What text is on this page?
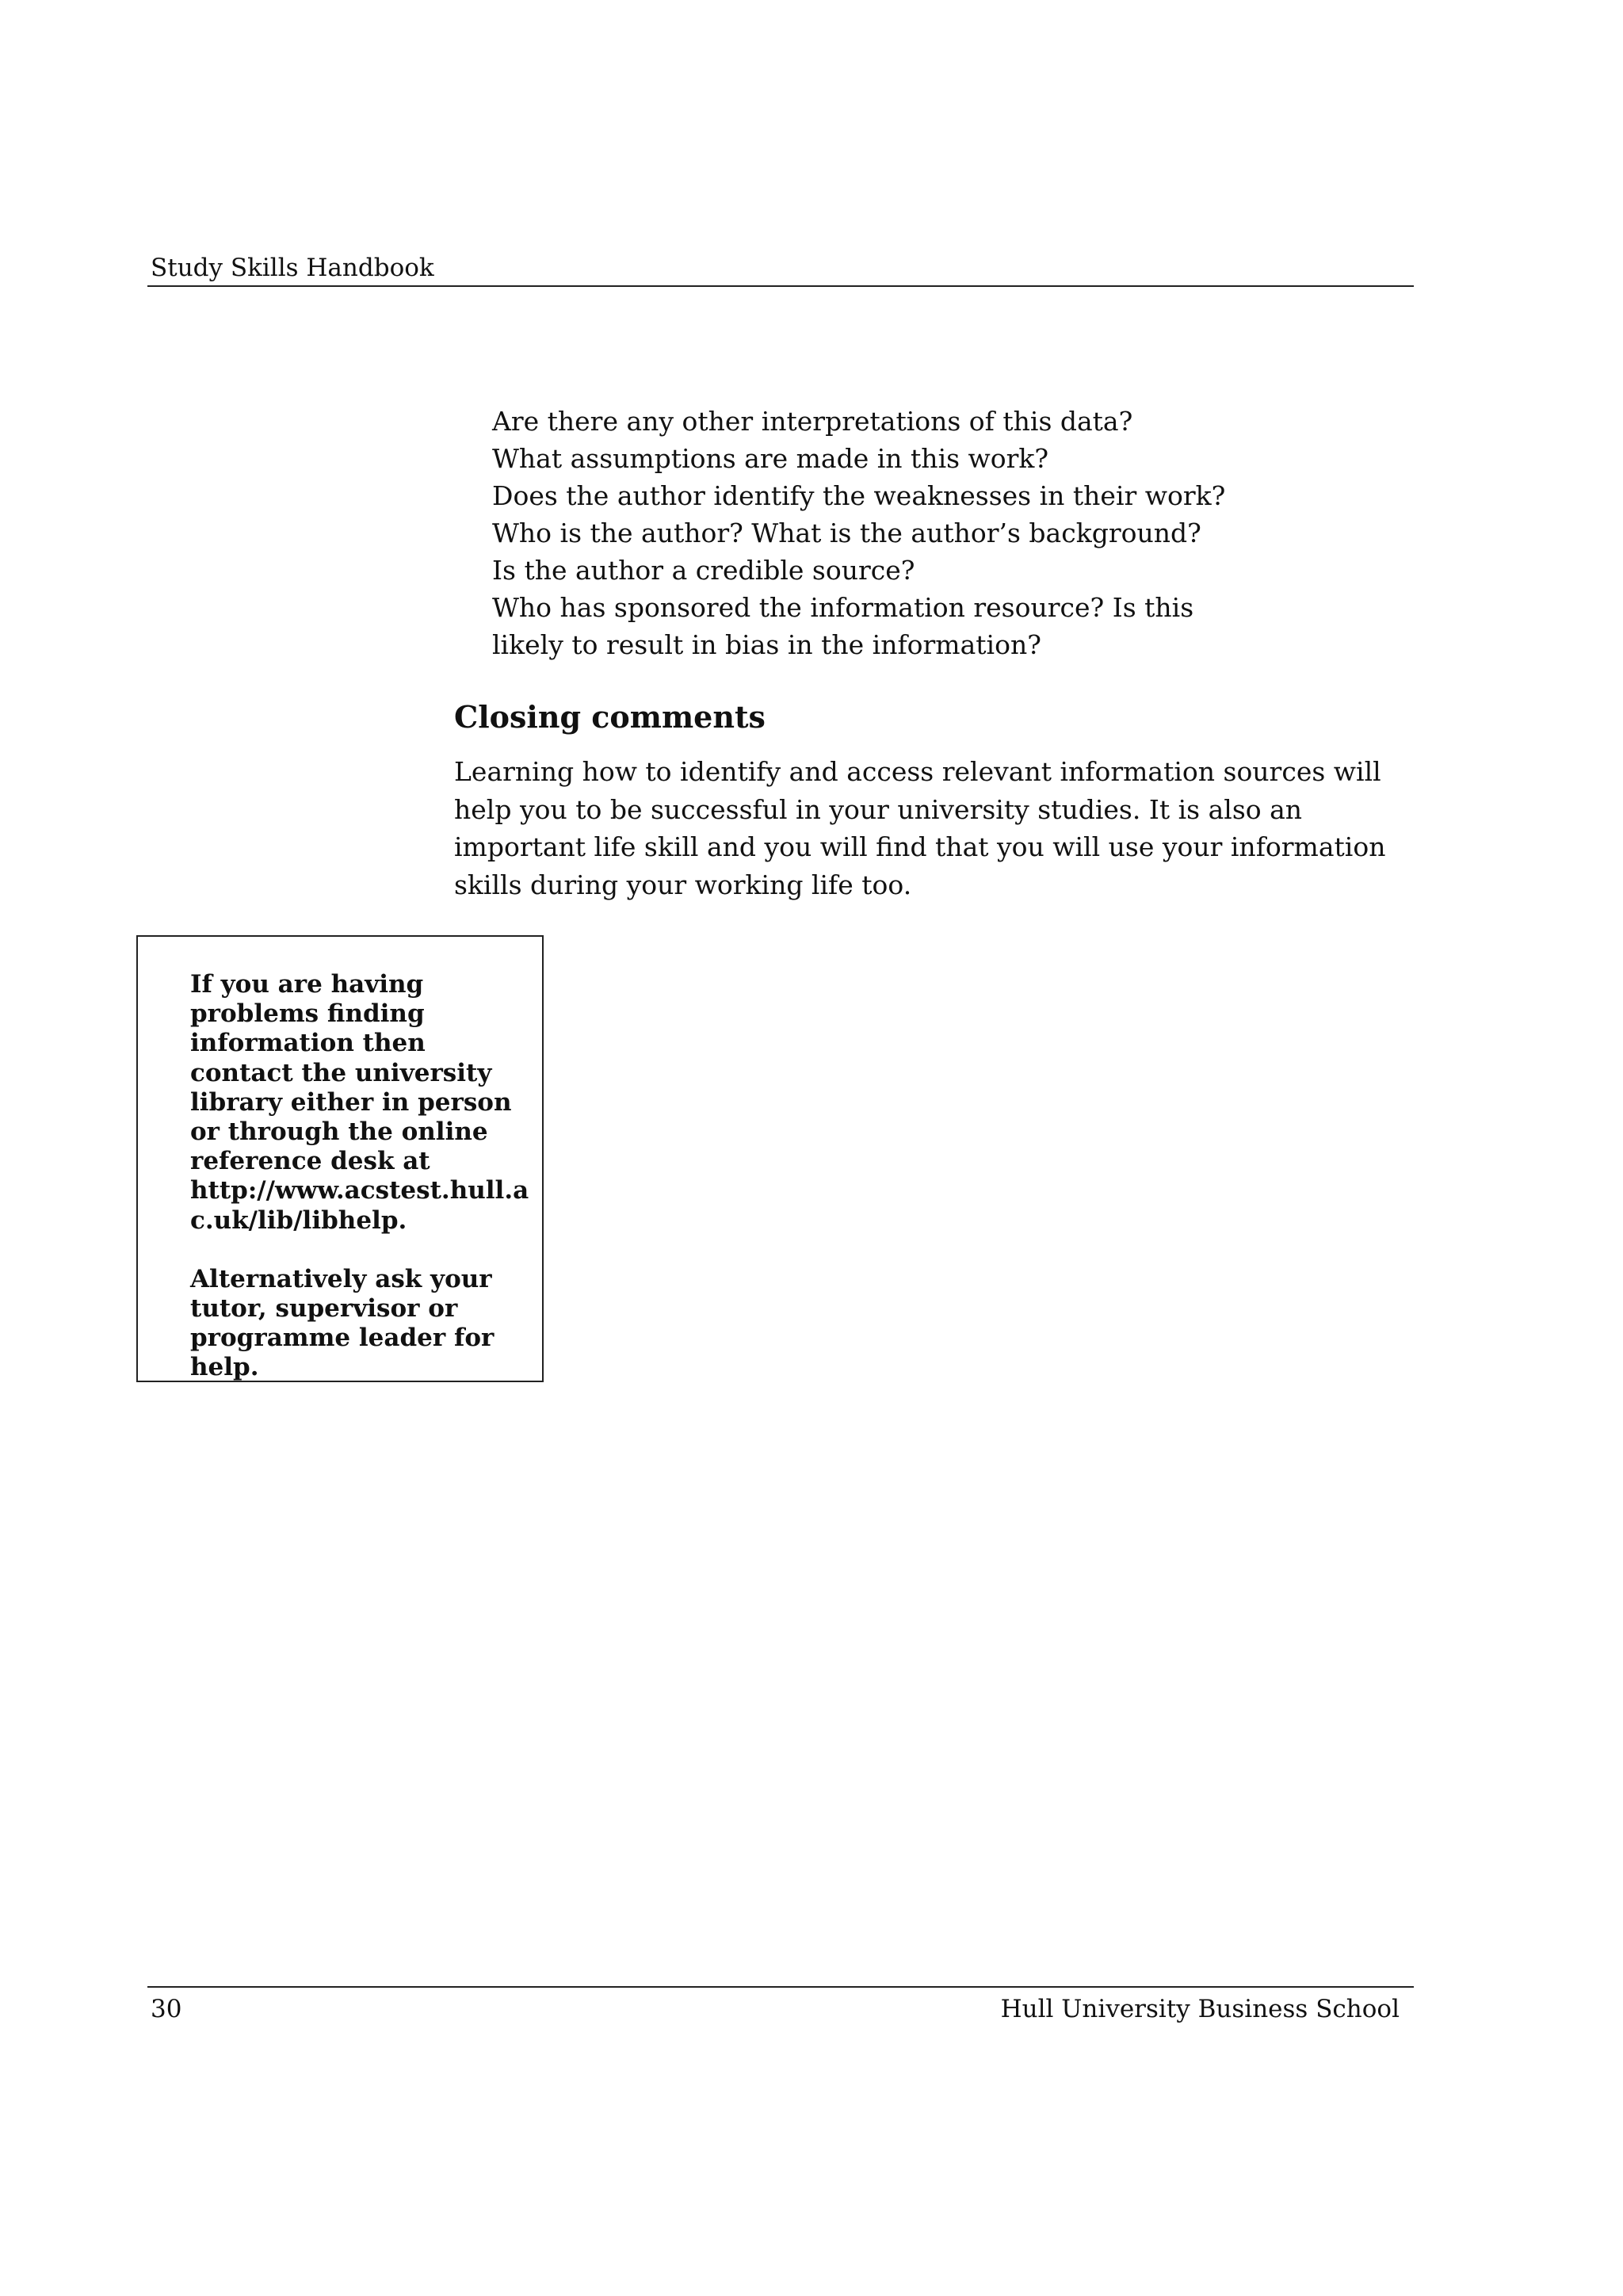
Study Skills Handbook
Are there any other interpretations of this data?
What assumptions are made in this work?
Does the author identify the weaknesses in their work?
Who is the author? What is the author’s background? Is the author a credible source?
Who has sponsored the information resource? Is this likely to result in bias in the information?
Closing comments

Learning how to identify and access relevant information sources will help you to be successful in your university studies. It is also an important life skill and you will find that you will use your information skills during your working life too.

If you are having problems finding information then contact the university library either in person or through the online reference desk at http://www.acstest.hull.ac.uk/lib/libhelp.

Alternatively ask your tutor, supervisor or programme leader for help.

30	Hull University Business School
